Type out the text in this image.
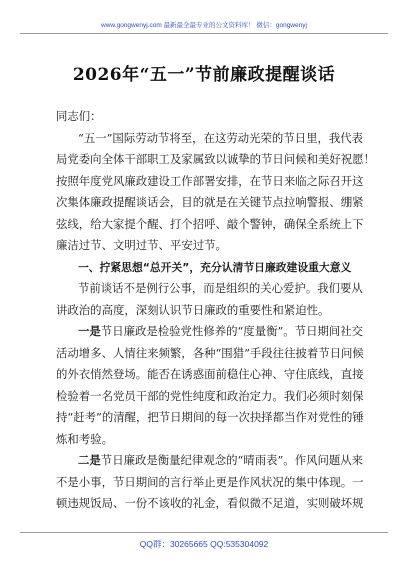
www.gongwenyj.com 最新最全最专业的公文资料库！ 微信：gongwenyj
2026年“五一”节前廉政提醒谈话
同志们：
“五一”国际劳动节将至，在这劳动光荣的节日里，我代表
局党委向全体干部职工及家属致以诚挚的节日问候和美好祝愿！
按照年度党风廉政建设工作部署安排，在节日来临之际召开这
次集体廉政提醒谈话会，目的就是在关键节点拉响警报、绷紧
弦线，给大家提个醒、打个招呼、敲个警钟，确保全系统上下
廉洁过节、文明过节、平安过节。
一、拧紧思想“总开关”，充分认清节日廉政建设重大意义
节前谈话不是例行公事，而是组织的关心爱护。我们要从
讲政治的高度，深刻认识节日廉政的重要性和紧迫性。
一是节日廉政是检验党性修养的“度量衡”。节日期间社交
活动增多、人情往来频繁，各种“围猎”手段往往披着节日问候
的外衣悄然登场。能否在诱惑面前稳住心神、守住底线，直接
检验着一名党员干部的党性纯度和政治定力。我们必须时刻保
持“赶考”的清醒，把节日期间的每一次抉择都当作对党性的锤
炼和考验。
二是节日廉政是衡量纪律观念的“晴雨表”。作风问题从来
不是小事，节日期间的言行举止更是作风状况的集中体现。一
顿违规饭局、一份不该收的礼金，看似微不足道，实则破坏规
QQ群：30265665 QQ:535304092
